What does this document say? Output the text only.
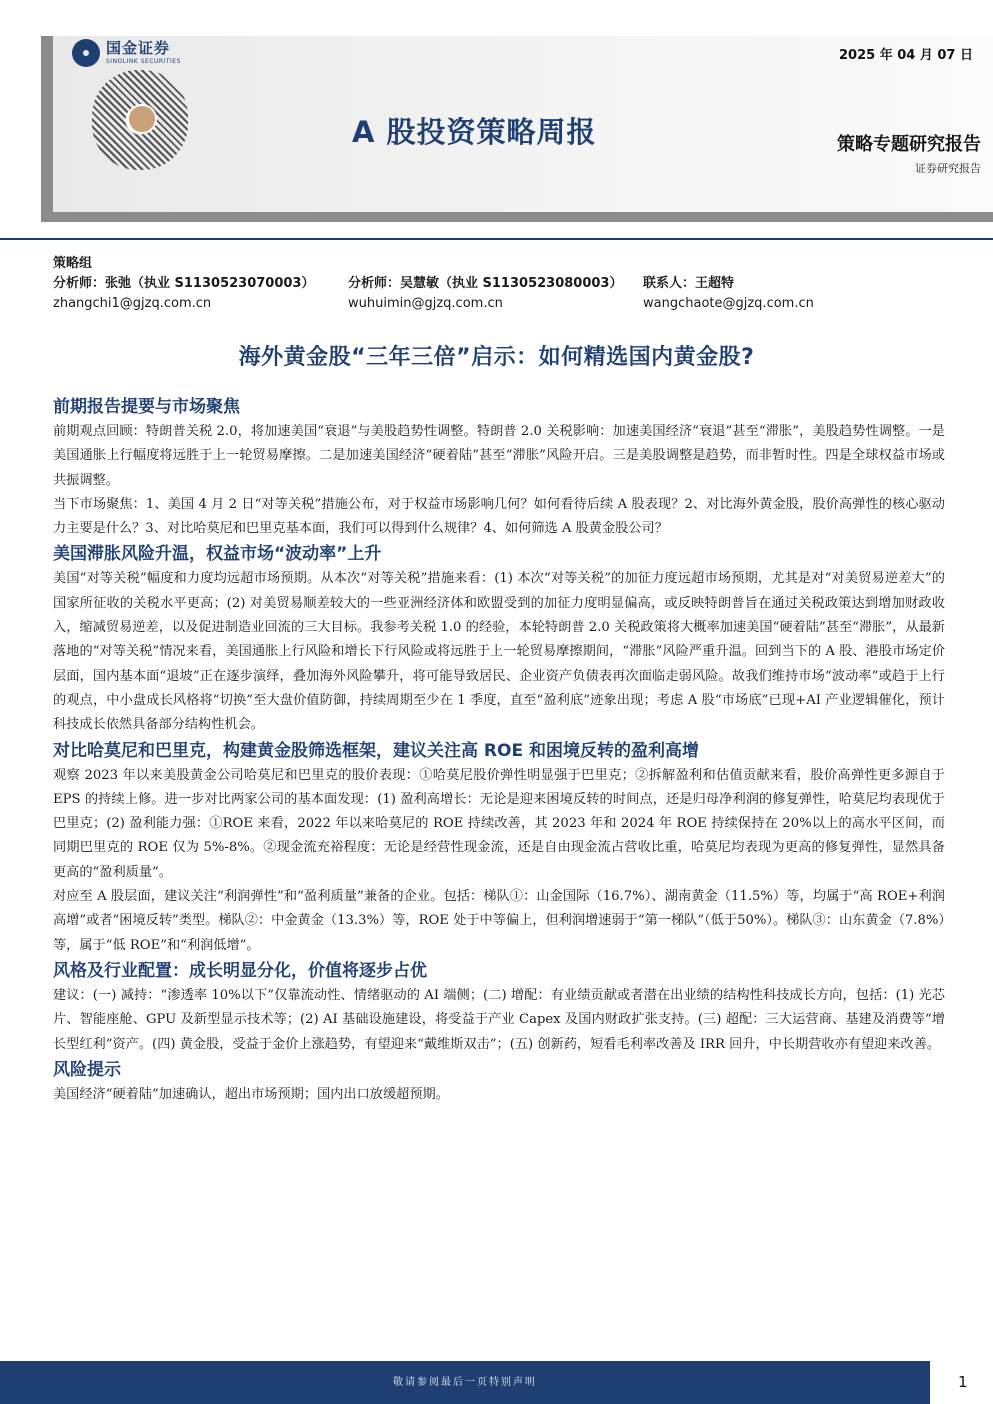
国金证券
SINOLINK SECURITIES	2025 年 04 月 07 日
A 股投资策略周报	策略专题研究报告
证券研究报告
策略组
分析师：张弛（执业 S1130523070003）	分析师：吴慧敏（执业 S1130523080003） 联系人：王超特
zhangchi1@gjzq.com.cn	wuhuimin@gjzq.com.cn	wangchaote@gjzq.com.cn
海外黄金股“三年三倍”启示：如何精选国内黄金股?
前期报告提要与市场聚焦

前期观点回顾：特朗普关税 2.0，将加速美国“衰退”与美股趋势性调整。特朗普 2.0 关税影响：加速美国经济“衰退”甚至“滞胀”，美股趋势性调整。一是美国通胀上行幅度将远胜于上一轮贸易摩擦。二是加速美国经济“硬着陆”甚至“滞胀”风险开启。三是美股调整是趋势，而非暂时性。四是全球权益市场或共振调整。

当下市场聚焦：1、美国 4 月 2 日“对等关税”措施公布，对于权益市场影响几何？如何看待后续 A 股表现？2、对比海外黄金股，股价高弹性的核心驱动力主要是什么？3、对比哈莫尼和巴里克基本面，我们可以得到什么规律？4、如何筛选 A 股黄金股公司？

美国滞胀风险升温，权益市场“波动率”上升

美国“对等关税”幅度和力度均远超市场预期。从本次“对等关税”措施来看：(1) 本次“对等关税”的加征力度远超市场预期，尤其是对“对美贸易逆差大”的国家所征收的关税水平更高；(2) 对美贸易顺差较大的一些亚洲经济体和欧盟受到的加征力度明显偏高，或反映特朗普旨在通过关税政策达到增加财政收入，缩减贸易逆差，以及促进制造业回流的三大目标。我参考关税 1.0 的经验，本轮特朗普 2.0 关税政策将大概率加速美国“硬着陆”甚至“滞胀”，从最新落地的“对等关税”情况来看，美国通胀上行风险和增长下行风险或将远胜于上一轮贸易摩擦期间，“滞胀”风险严重升温。回到当下的 A 股、港股市场定价层面，国内基本面“退坡”正在逐步演绎，叠加海外风险攀升，将可能导致居民、企业资产负债表再次面临走弱风险。故我们维持市场“波动率”或趋于上行的观点，中小盘成长风格将“切换”至大盘价值防御，持续周期至少在 1 季度，直至“盈利底”迹象出现；考虑 A 股“市场底”已现+AI 产业逻辑催化，预计科技成长依然具备部分结构性机会。

对比哈莫尼和巴里克，构建黄金股筛选框架，建议关注高 ROE 和困境反转的盈利高增

观察 2023 年以来美股黄金公司哈莫尼和巴里克的股价表现：①哈莫尼股价弹性明显强于巴里克；②拆解盈利和估值贡献来看，股价高弹性更多源自于 EPS 的持续上修。进一步对比两家公司的基本面发现：(1) 盈利高增长：无论是迎来困境反转的时间点，还是归母净利润的修复弹性，哈莫尼均表现优于巴里克；(2) 盈利能力强：①ROE 来看，2022 年以来哈莫尼的 ROE 持续改善，其 2023 年和 2024 年 ROE 持续保持在 20%以上的高水平区间，而同期巴里克的 ROE 仅为 5%-8%。②现金流充裕程度：无论是经营性现金流，还是自由现金流占营收比重，哈莫尼均表现为更高的修复弹性，显然具备更高的“盈利质量”。

对应至 A 股层面，建议关注“利润弹性”和“盈利质量”兼备的企业。包括：梯队①：山金国际（16.7%）、湖南黄金（11.5%）等，均属于“高 ROE+利润高增”或者“困境反转”类型。梯队②：中金黄金（13.3%）等，ROE 处于中等偏上，但利润增速弱于“第一梯队”（低于50%）。梯队③：山东黄金（7.8%）等，属于“低 ROE”和“利润低增”。

风格及行业配置：成长明显分化，价值将逐步占优

建议：(一) 减持：“渗透率 10%以下”仅靠流动性、情绪驱动的 AI 端侧；(二) 增配：有业绩贡献或者潜在出业绩的结构性科技成长方向，包括：(1) 光芯片、智能座舱、GPU 及新型显示技术等；(2) AI 基础设施建设，将受益于产业 Capex 及国内财政扩张支持。(三) 超配：三大运营商、基建及消费等“增长型红利”资产。(四) 黄金股，受益于金价上涨趋势，有望迎来“戴维斯双击”；(五) 创新药，短看毛利率改善及 IRR 回升，中长期营收亦有望迎来改善。

风险提示

美国经济“硬着陆”加速确认，超出市场预期；国内出口放缓超预期。

敬请参阅最后一页特别声明	1
